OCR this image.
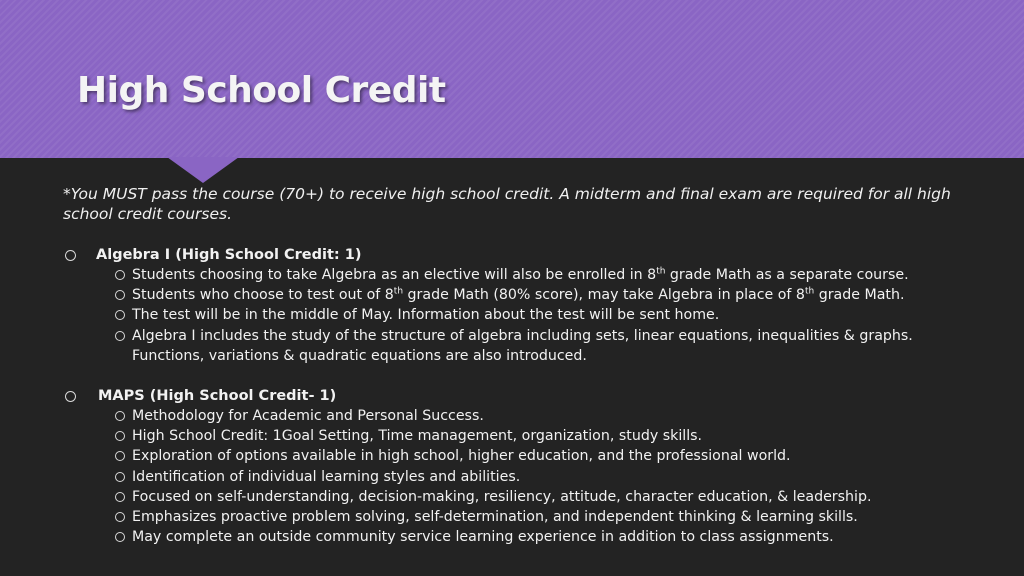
High School Credit

*You MUST pass the course (70+) to receive high school credit. A midterm and final exam are required for all high school credit courses.

Algebra I (High School Credit: 1)
Students choosing to take Algebra as an elective will also be enrolled in 8th grade Math as a separate course.
Students who choose to test out of 8th grade Math (80% score), may take Algebra in place of 8th grade Math.
The test will be in the middle of May. Information about the test will be sent home.
Algebra I includes the study of the structure of algebra including sets, linear equations, inequalities & graphs. Functions, variations & quadratic equations are also introduced.
MAPS (High School Credit- 1)
Methodology for Academic and Personal Success.
High School Credit: 1Goal Setting, Time management, organization, study skills.
Exploration of options available in high school, higher education, and the professional world.
Identification of individual learning styles and abilities.
Focused on self-understanding, decision-making, resiliency, attitude, character education, & leadership.
Emphasizes proactive problem solving, self-determination, and independent thinking & learning skills.
May complete an outside community service learning experience in addition to class assignments.
